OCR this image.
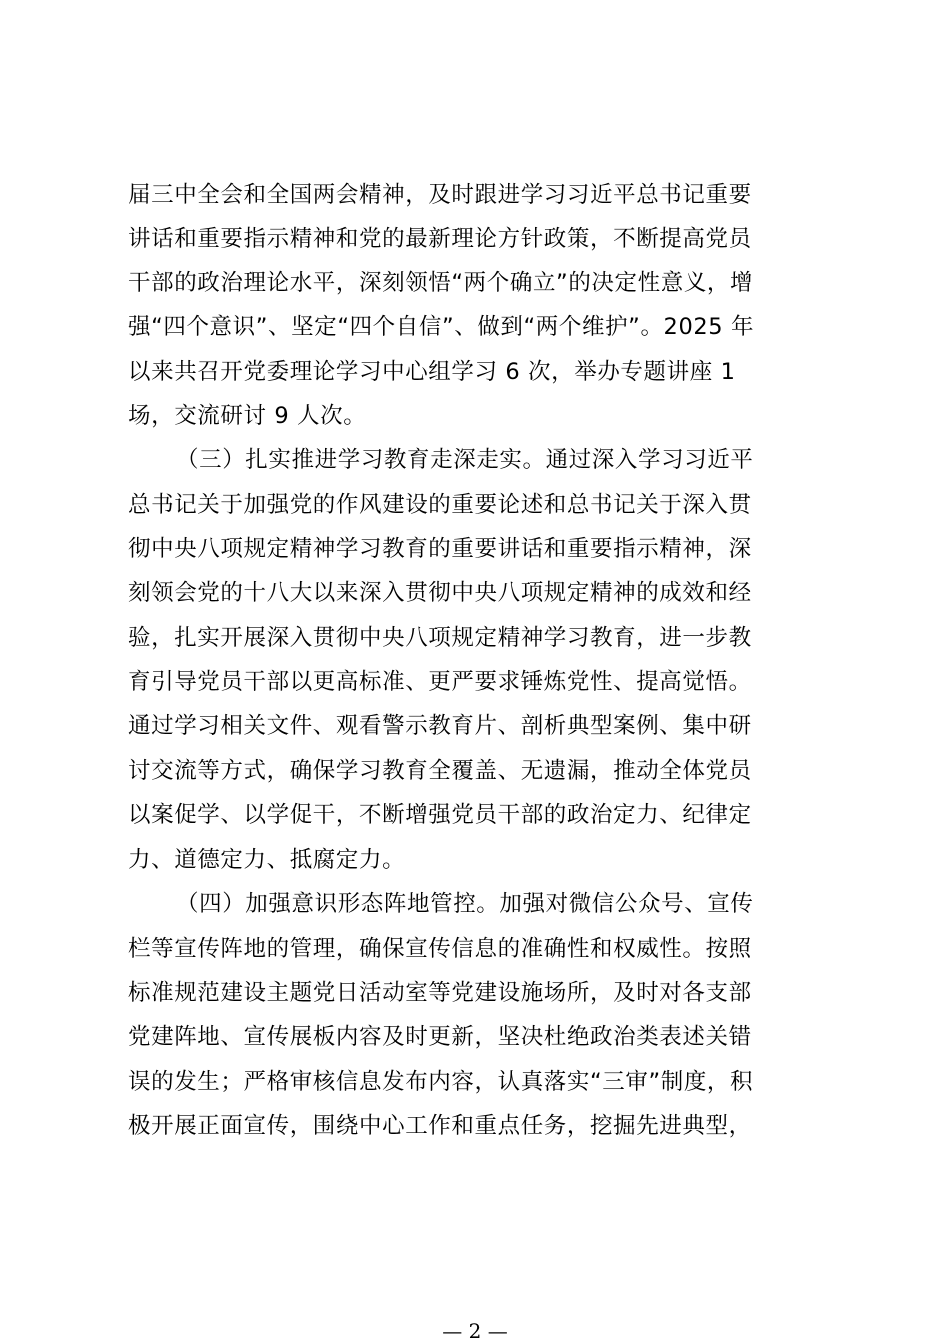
届三中全会和全国两会精神，及时跟进学习习近平总书记重要
讲话和重要指示精神和党的最新理论方针政策，不断提高党员
干部的政治理论水平，深刻领悟“两个确立”的决定性意义，增
强“四个意识”、坚定“四个自信”、做到“两个维护”。2025 年
以来共召开党委理论学习中心组学习 6 次，举办专题讲座 1
场，交流研讨 9 人次。
（三）扎实推进学习教育走深走实。通过深入学习习近平
总书记关于加强党的作风建设的重要论述和总书记关于深入贯
彻中央八项规定精神学习教育的重要讲话和重要指示精神，深
刻领会党的十八大以来深入贯彻中央八项规定精神的成效和经
验，扎实开展深入贯彻中央八项规定精神学习教育，进一步教
育引导党员干部以更高标准、更严要求锤炼党性、提高觉悟。
通过学习相关文件、观看警示教育片、剖析典型案例、集中研
讨交流等方式，确保学习教育全覆盖、无遗漏，推动全体党员
以案促学、以学促干，不断增强党员干部的政治定力、纪律定
力、道德定力、抵腐定力。
（四）加强意识形态阵地管控。加强对微信公众号、宣传
栏等宣传阵地的管理，确保宣传信息的准确性和权威性。按照
标准规范建设主题党日活动室等党建设施场所，及时对各支部
党建阵地、宣传展板内容及时更新，坚决杜绝政治类表述关错
误的发生；严格审核信息发布内容，认真落实“三审”制度，积
极开展正面宣传，围绕中心工作和重点任务，挖掘先进典型，
— 2 —
